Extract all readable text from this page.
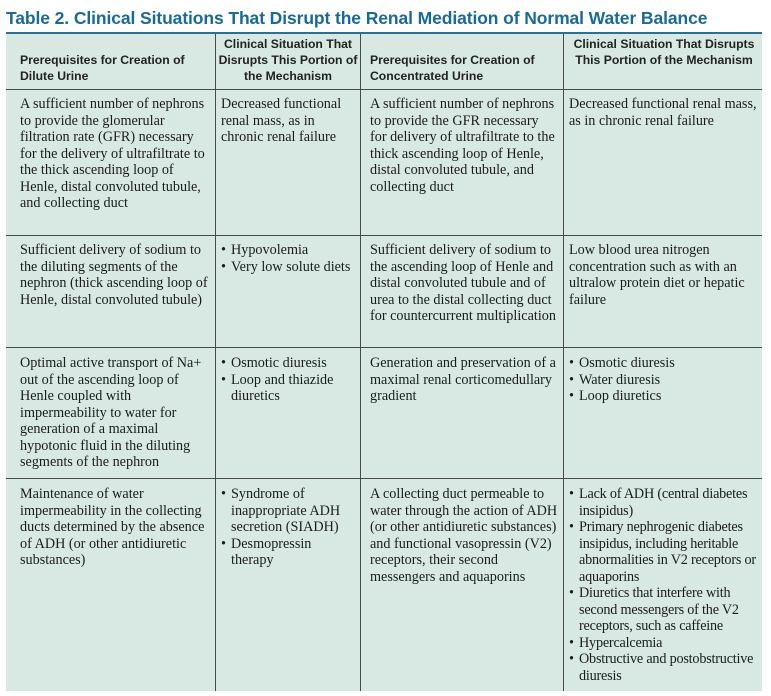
Table 2. Clinical Situations That Disrupt the Renal Mediation of Normal Water Balance
Prerequisites for Creation of Dilute Urine
Clinical Situation That Disrupts This Portion of the Mechanism
Prerequisites for Creation of Concentrated Urine
Clinical Situation That Disrupts This Portion of the Mechanism
A sufficient number of nephrons to provide the glomerular filtration rate (GFR) necessary for the delivery of ultrafiltrate to the thick ascending loop of Henle, distal convoluted tubule, and collecting duct
Decreased functional renal mass, as in chronic renal failure
A sufficient number of nephrons to provide the GFR necessary for delivery of ultrafiltrate to the thick ascending loop of Henle, distal convoluted tubule, and collecting duct
Decreased functional renal mass, as in chronic renal failure
Sufficient delivery of sodium to the diluting segments of the nephron (thick ascending loop of Henle, distal convoluted tubule)
• Hypovolemia
• Very low solute diets
Sufficient delivery of sodium to the ascending loop of Henle and distal convoluted tubule and of urea to the distal collecting duct for countercurrent multiplication
Low blood urea nitrogen concentration such as with an ultralow protein diet or hepatic failure
Optimal active transport of Na+ out of the ascending loop of Henle coupled with impermeability to water for generation of a maximal hypotonic fluid in the diluting segments of the nephron
• Osmotic diuresis
• Loop and thiazide diuretics
Generation and preservation of a maximal renal corticomedullary gradient
• Osmotic diuresis
• Water diuresis
• Loop diuretics
Maintenance of water impermeability in the collecting ducts determined by the absence of ADH (or other antidiuretic substances)
• Syndrome of inappropriate ADH secretion (SIADH)
• Desmopressin therapy
A collecting duct permeable to water through the action of ADH (or other antidiuretic substances) and functional vasopressin (V2) receptors, their second messengers and aquaporins
• Lack of ADH (central diabetes insipidus)
• Primary nephrogenic diabetes insipidus, including heritable abnormalities in V2 receptors or aquaporins
• Diuretics that interfere with second messengers of the V2 receptors, such as caffeine
• Hypercalcemia
• Obstructive and postobstructive diuresis
